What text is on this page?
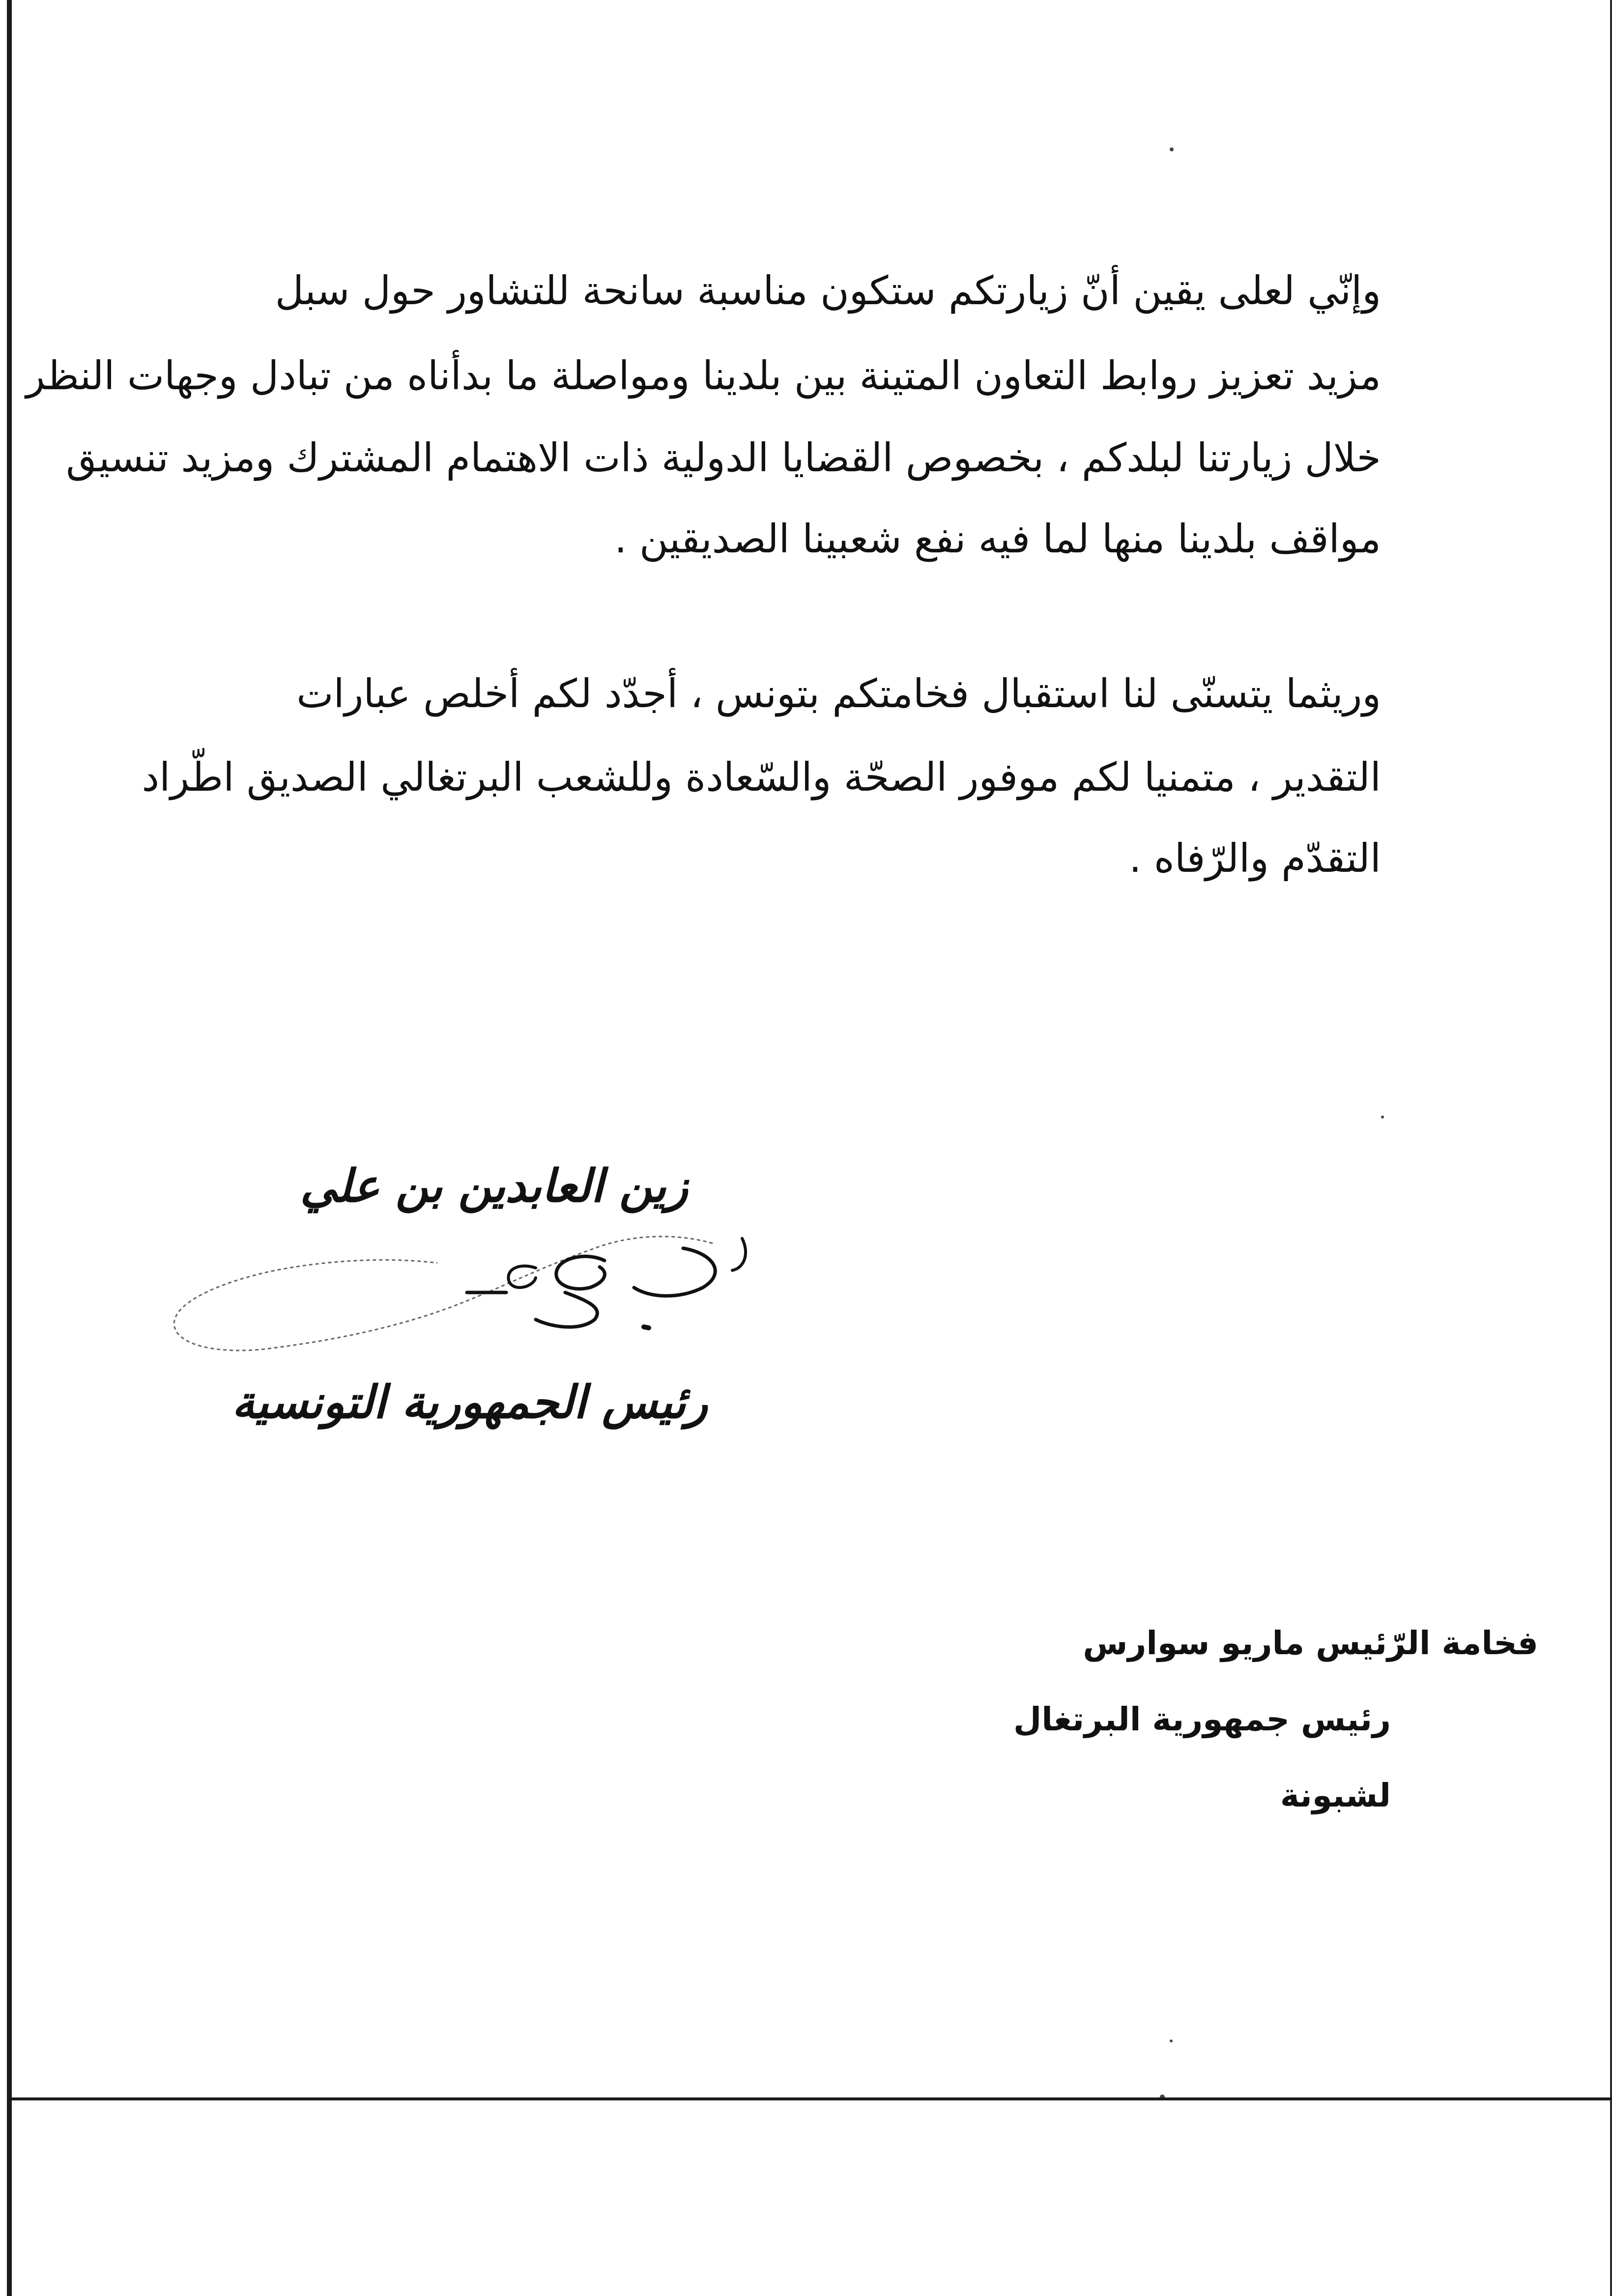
وإنّي لعلى يقين أنّ زيارتكم ستكون مناسبة سانحة للتشاور حول سبل
مزيد تعزيز روابط التعاون المتينة بين بلدينا ومواصلة ما بدأناه من تبادل وجهات النظر
خلال زيارتنا لبلدكم ، بخصوص القضايا الدولية ذات الاهتمام المشترك ومزيد تنسيق
مواقف بلدينا منها لما فيه نفع شعبينا الصديقين .
وريثما يتسنّى لنا استقبال فخامتكم بتونس ، أجدّد لكم أخلص عبارات
التقدير ، متمنيا لكم موفور الصحّة والسّعادة وللشعب البرتغالي الصديق اطّراد
التقدّم والرّفاه .
زين العابدين بن علي
رئيس الجمهورية التونسية
فخامة الرّئيس ماريو سوارس
رئيس جمهورية البرتغال
لشبونة
